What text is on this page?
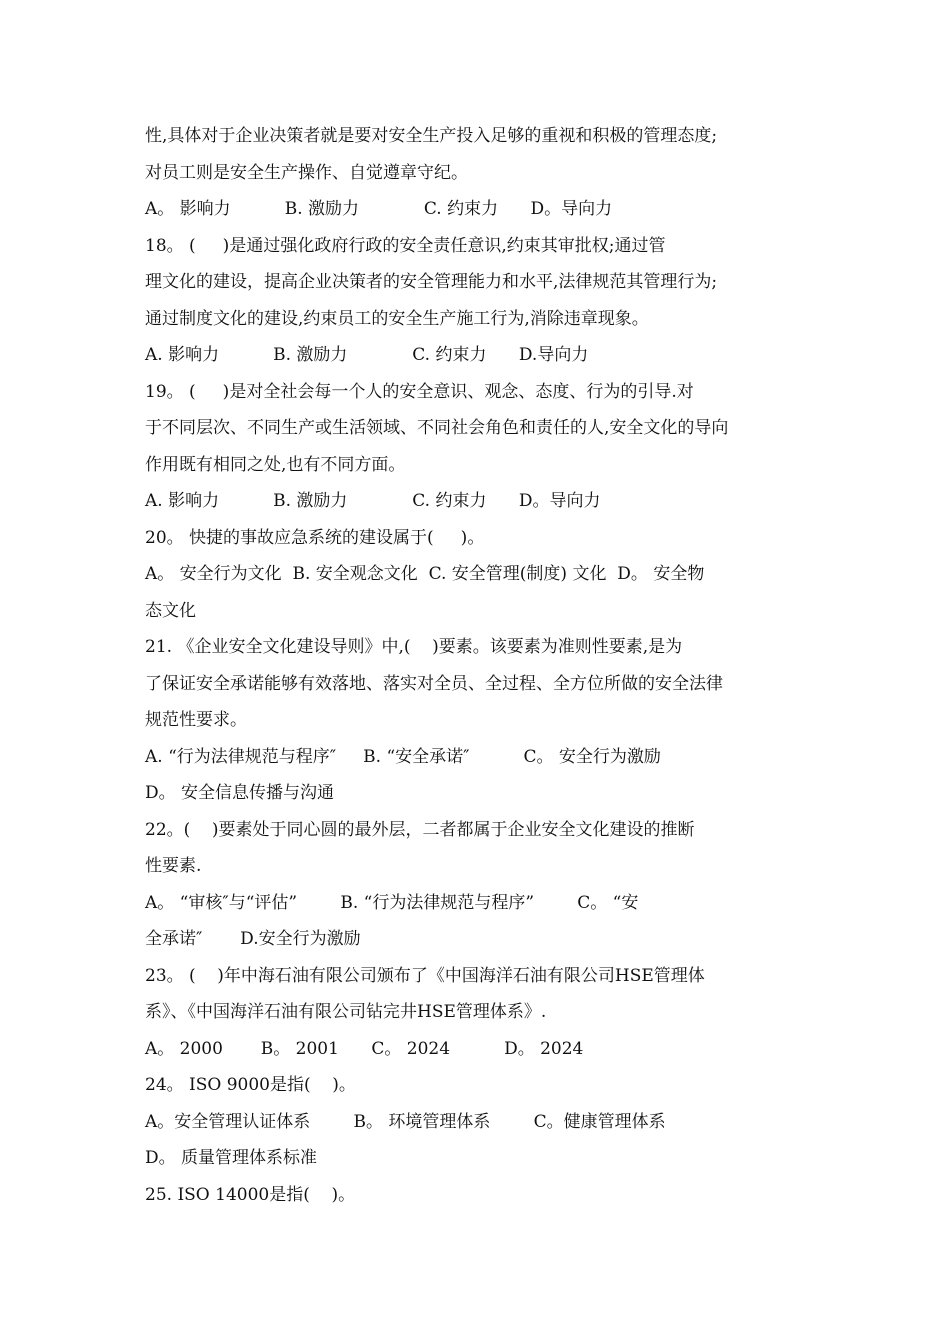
性,具体对于企业决策者就是要对安全生产投入足够的重视和积极的管理态度;
对员工则是安全生产操作、自觉遵章守纪。
A。 影响力          B. 激励力            C. 约束力      D。导向力
18。 (     )是通过强化政府行政的安全责任意识,约束其审批权;通过管
理文化的建设，提高企业决策者的安全管理能力和水平,法律规范其管理行为;
通过制度文化的建设,约束员工的安全生产施工行为,消除违章现象。
A. 影响力          B. 激励力            C. 约束力      D.导向力
19。 (     )是对全社会每一个人的安全意识、观念、态度、行为的引导.对
于不同层次、不同生产或生活领域、不同社会角色和责任的人,安全文化的导向
作用既有相同之处,也有不同方面。
A. 影响力          B. 激励力            C. 约束力      D。导向力
20。 快捷的事故应急系统的建设属于(     )。
A。 安全行为文化  B. 安全观念文化  C. 安全管理(制度) 文化  D。 安全物
态文化
21. 《企业安全文化建设导则》中,(    )要素。该要素为准则性要素,是为
了保证安全承诺能够有效落地、落实对全员、全过程、全方位所做的安全法律
规范性要求。
A. “行为法律规范与程序″     B. “安全承诺″          C。 安全行为激励
D。 安全信息传播与沟通
22。(    )要素处于同心圆的最外层，二者都属于企业安全文化建设的推断
性要素.
A。 “审核″与“评估”        B. “行为法律规范与程序”        C。 “安
全承诺″       D.安全行为激励
23。 (    )年中海石油有限公司颁布了《中国海洋石油有限公司HSE管理体
系》、《中国海洋石油有限公司钻完井HSE管理体系》.
A。 2000       B。 2001      C。 2024          D。 2024
24。 ISO 9000是指(    )。
A。安全管理认证体系        B。 环境管理体系        C。健康管理体系
D。 质量管理体系标准
25. ISO 14000是指(    )。
